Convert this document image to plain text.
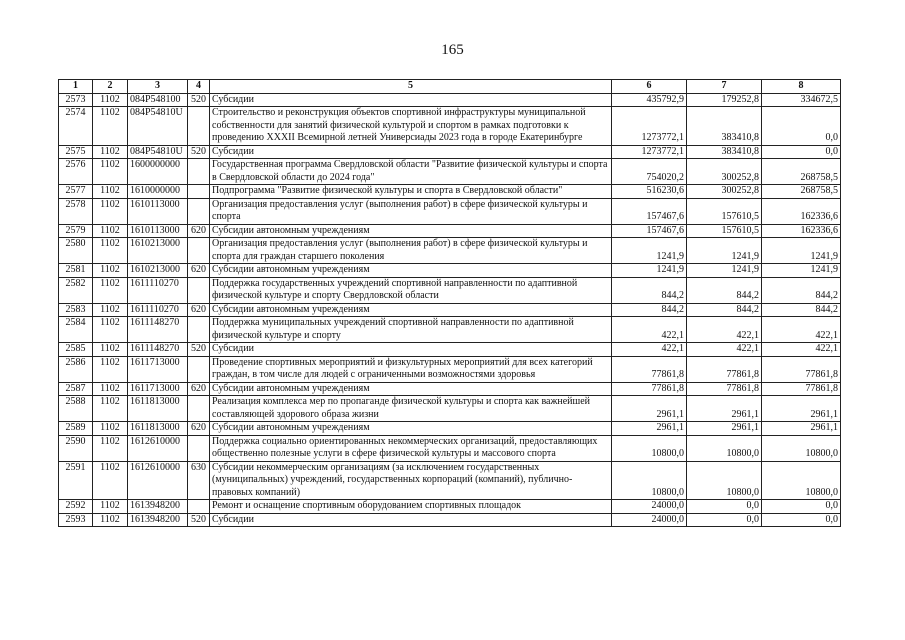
165
1	2	3	4	5	6	7	8
2573	1102	084P548100	520	Субсидии	435792,9	179252,8	334672,5
2574	1102	084P54810U		Строительство и реконструкция объектов спортивной инфраструктуры муниципальной собственности для занятий физической культурой и спортом в рамках подготовки к проведению XXXII Всемирной летней Универсиады 2023 года в городе Екатеринбурге	1273772,1	383410,8	0,0
2575	1102	084P54810U	520	Субсидии	1273772,1	383410,8	0,0
2576	1102	1600000000		Государственная программа Свердловской области "Развитие физической культуры и спорта в Свердловской области до 2024 года"	754020,2	300252,8	268758,5
2577	1102	1610000000		Подпрограмма "Развитие физической культуры и спорта в Свердловской области"	516230,6	300252,8	268758,5
2578	1102	1610113000		Организация предоставления услуг (выполнения работ) в сфере физической культуры и спорта	157467,6	157610,5	162336,6
2579	1102	1610113000	620	Субсидии автономным учреждениям	157467,6	157610,5	162336,6
2580	1102	1610213000		Организация предоставления услуг (выполнения работ) в сфере физической культуры и спорта для граждан старшего поколения	1241,9	1241,9	1241,9
2581	1102	1610213000	620	Субсидии автономным учреждениям	1241,9	1241,9	1241,9
2582	1102	1611110270		Поддержка государственных учреждений спортивной направленности по адаптивной физической культуре и спорту Свердловской области	844,2	844,2	844,2
2583	1102	1611110270	620	Субсидии автономным учреждениям	844,2	844,2	844,2
2584	1102	1611148270		Поддержка муниципальных учреждений спортивной направленности по адаптивной физической культуре и спорту	422,1	422,1	422,1
2585	1102	1611148270	520	Субсидии	422,1	422,1	422,1
2586	1102	1611713000		Проведение спортивных мероприятий и физкультурных мероприятий для всех категорий граждан, в том числе для людей с ограниченными возможностями здоровья	77861,8	77861,8	77861,8
2587	1102	1611713000	620	Субсидии автономным учреждениям	77861,8	77861,8	77861,8
2588	1102	1611813000		Реализация комплекса мер по пропаганде физической культуры и спорта как важнейшей составляющей здорового образа жизни	2961,1	2961,1	2961,1
2589	1102	1611813000	620	Субсидии автономным учреждениям	2961,1	2961,1	2961,1
2590	1102	1612610000		Поддержка социально ориентированных некоммерческих организаций, предоставляющих общественно полезные услуги в сфере физической культуры и массового спорта	10800,0	10800,0	10800,0
2591	1102	1612610000	630	Субсидии некоммерческим организациям (за исключением государственных (муниципальных) учреждений, государственных корпораций (компаний), публично-правовых компаний)	10800,0	10800,0	10800,0
2592	1102	1613948200		Ремонт и оснащение спортивным оборудованием спортивных площадок	24000,0	0,0	0,0
2593	1102	1613948200	520	Субсидии	24000,0	0,0	0,0
